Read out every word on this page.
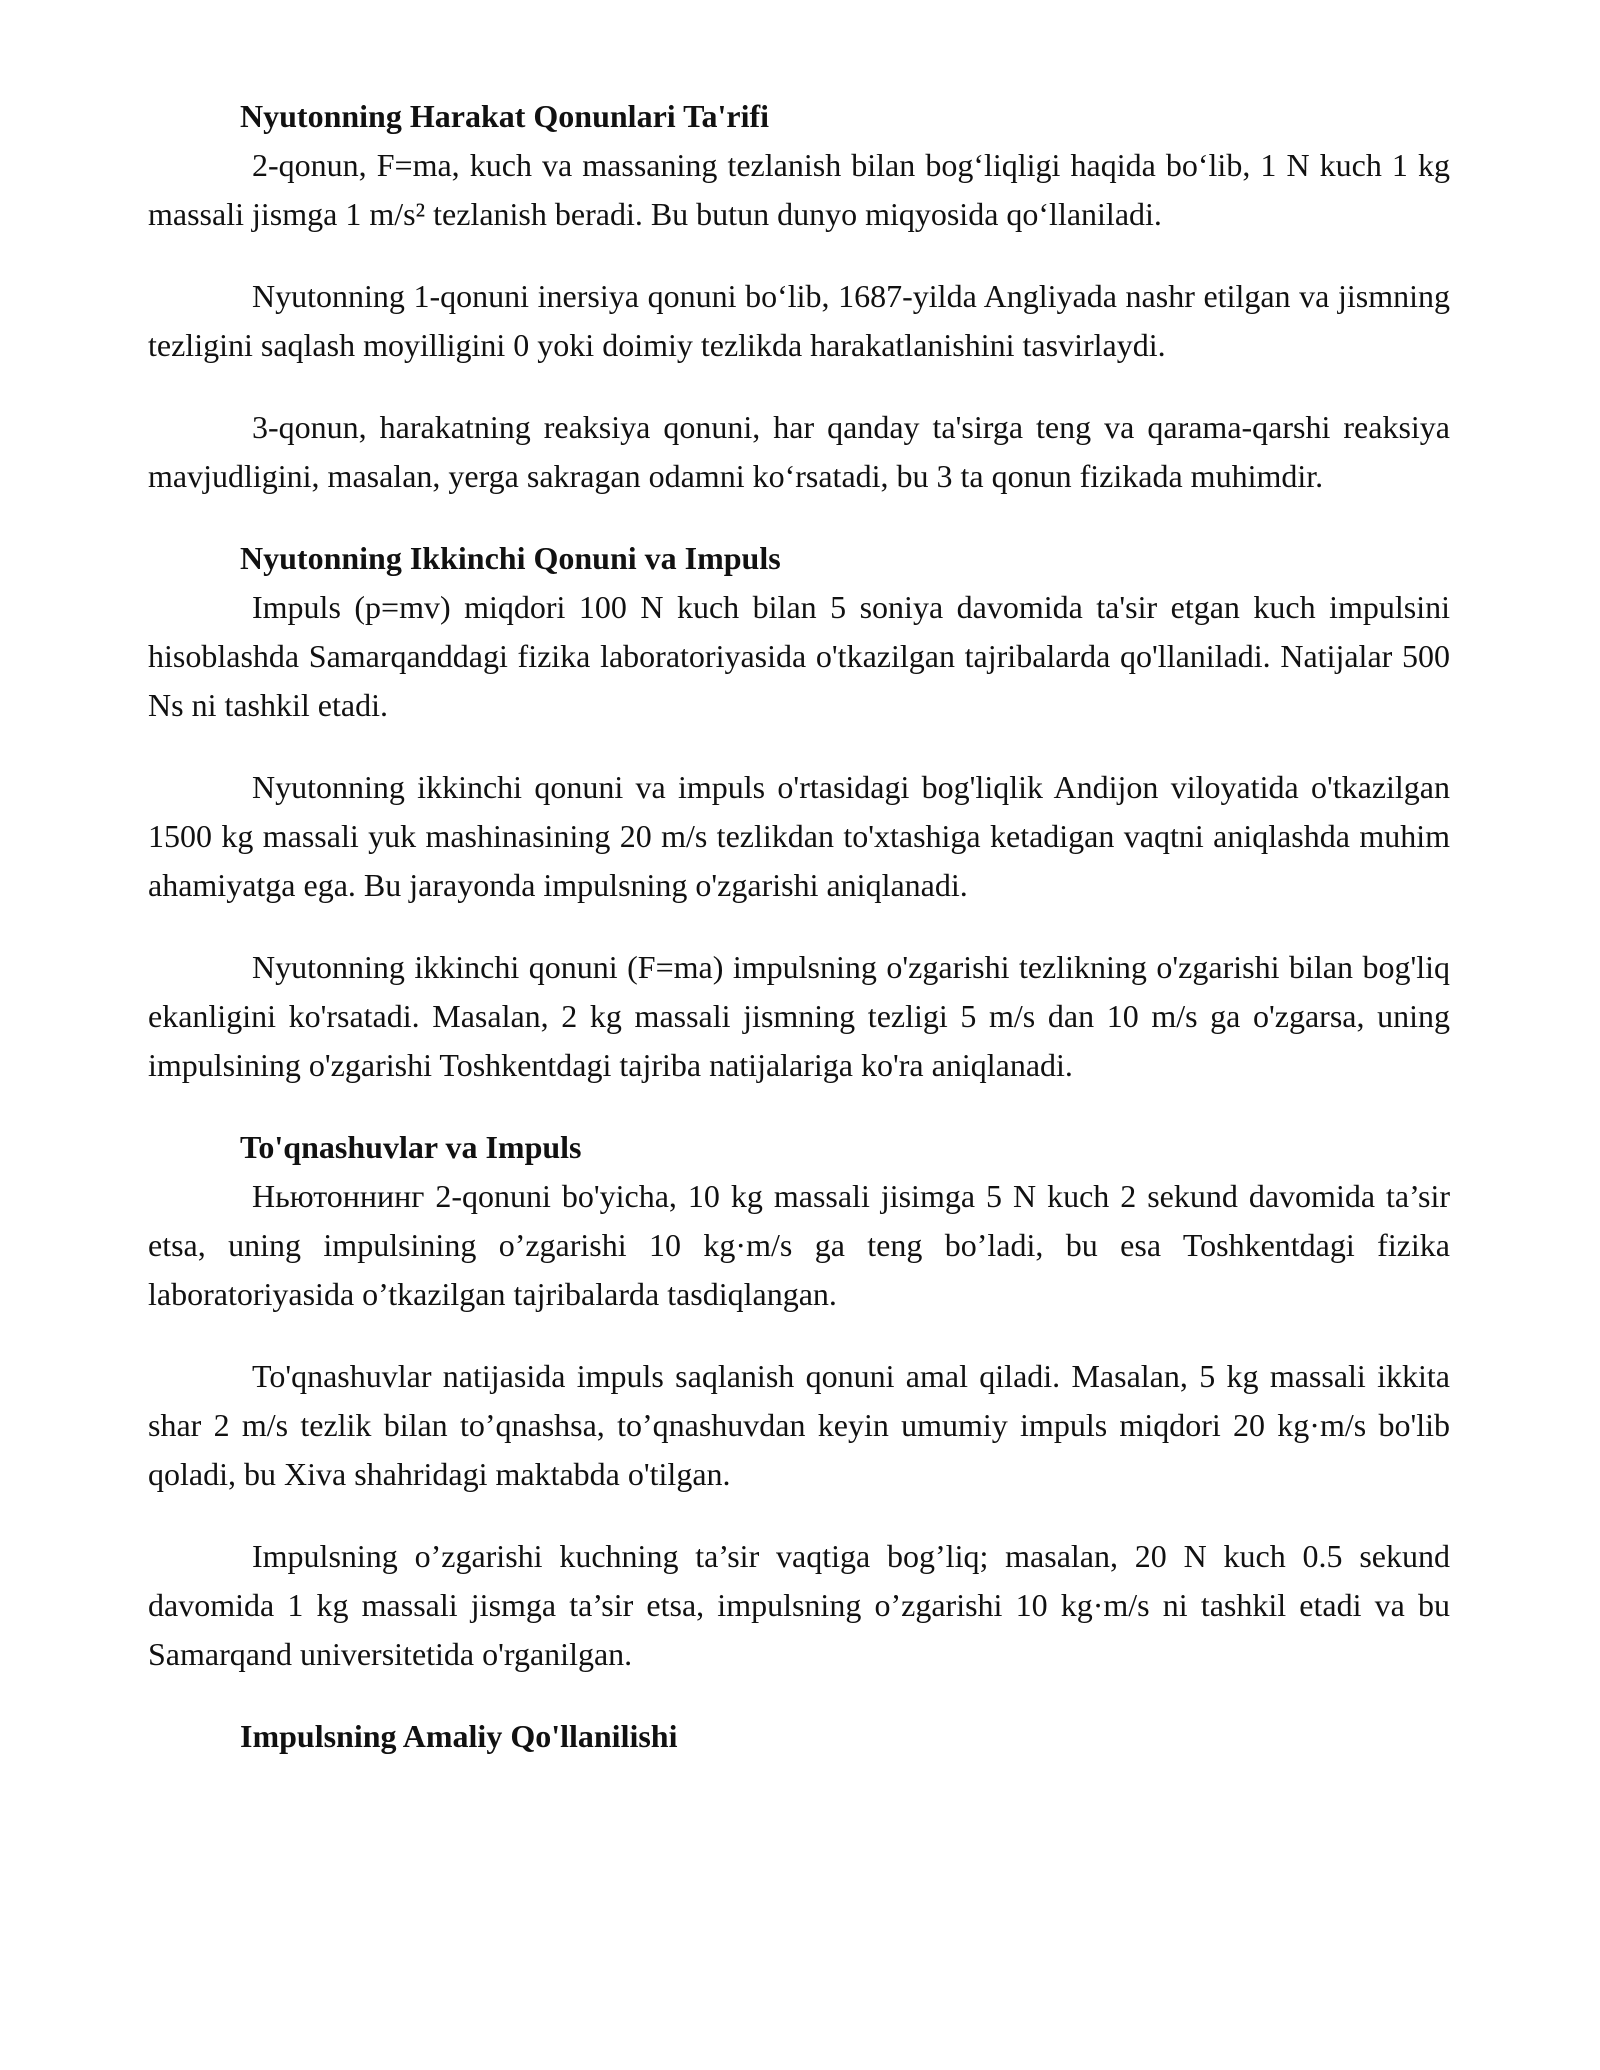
Nyutonning Harakat Qonunlari Ta'rifi

2-qonun, F=ma, kuch va massaning tezlanish bilan bog‘liqligi haqida bo‘lib, 1 N kuch 1 kg massali jismga 1 m/s² tezlanish beradi. Bu butun dunyo miqyosida qo‘llaniladi.

Nyutonning 1-qonuni inersiya qonuni bo‘lib, 1687-yilda Angliyada nashr etilgan va jismning tezligini saqlash moyilligini 0 yoki doimiy tezlikda harakatlanishini tasvirlaydi.

3-qonun, harakatning reaksiya qonuni, har qanday ta'sirga teng va qarama-qarshi reaksiya mavjudligini, masalan, yerga sakragan odamni ko‘rsatadi, bu 3 ta qonun fizikada muhimdir.

Nyutonning Ikkinchi Qonuni va Impuls

Impuls (p=mv) miqdori 100 N kuch bilan 5 soniya davomida ta'sir etgan kuch impulsini hisoblashda Samarqanddagi fizika laboratoriyasida o'tkazilgan tajribalarda qo'llaniladi. Natijalar 500 Ns ni tashkil etadi.

Nyutonning ikkinchi qonuni va impuls o'rtasidagi bog'liqlik Andijon viloyatida o'tkazilgan 1500 kg massali yuk mashinasining 20 m/s tezlikdan to'xtashiga ketadigan vaqtni aniqlashda muhim ahamiyatga ega. Bu jarayonda impulsning o'zgarishi aniqlanadi.

Nyutonning ikkinchi qonuni (F=ma) impulsning o'zgarishi tezlikning o'zgarishi bilan bog'liq ekanligini ko'rsatadi. Masalan, 2 kg massali jismning tezligi 5 m/s dan 10 m/s ga o'zgarsa, uning impulsining o'zgarishi Toshkentdagi tajriba natijalariga ko'ra aniqlanadi.

To'qnashuvlar va Impuls

Ньютоннинг 2-qonuni bo'yicha, 10 kg massali jisimga 5 N kuch 2 sekund davomida ta’sir etsa, uning impulsining o’zgarishi 10 kg·m/s ga teng bo’ladi, bu esa Toshkentdagi fizika laboratoriyasida o’tkazilgan tajribalarda tasdiqlangan.

To'qnashuvlar natijasida impuls saqlanish qonuni amal qiladi. Masalan, 5 kg massali ikkita shar 2 m/s tezlik bilan to’qnashsa, to’qnashuvdan keyin umumiy impuls miqdori 20 kg·m/s bo'lib qoladi, bu Xiva shahridagi maktabda o'tilgan.

Impulsning o’zgarishi kuchning ta’sir vaqtiga bog’liq; masalan, 20 N kuch 0.5 sekund davomida 1 kg massali jismga ta’sir etsa, impulsning o’zgarishi 10 kg·m/s ni tashkil etadi va bu Samarqand universitetida o'rganilgan.

Impulsning Amaliy Qo'llanilishi
